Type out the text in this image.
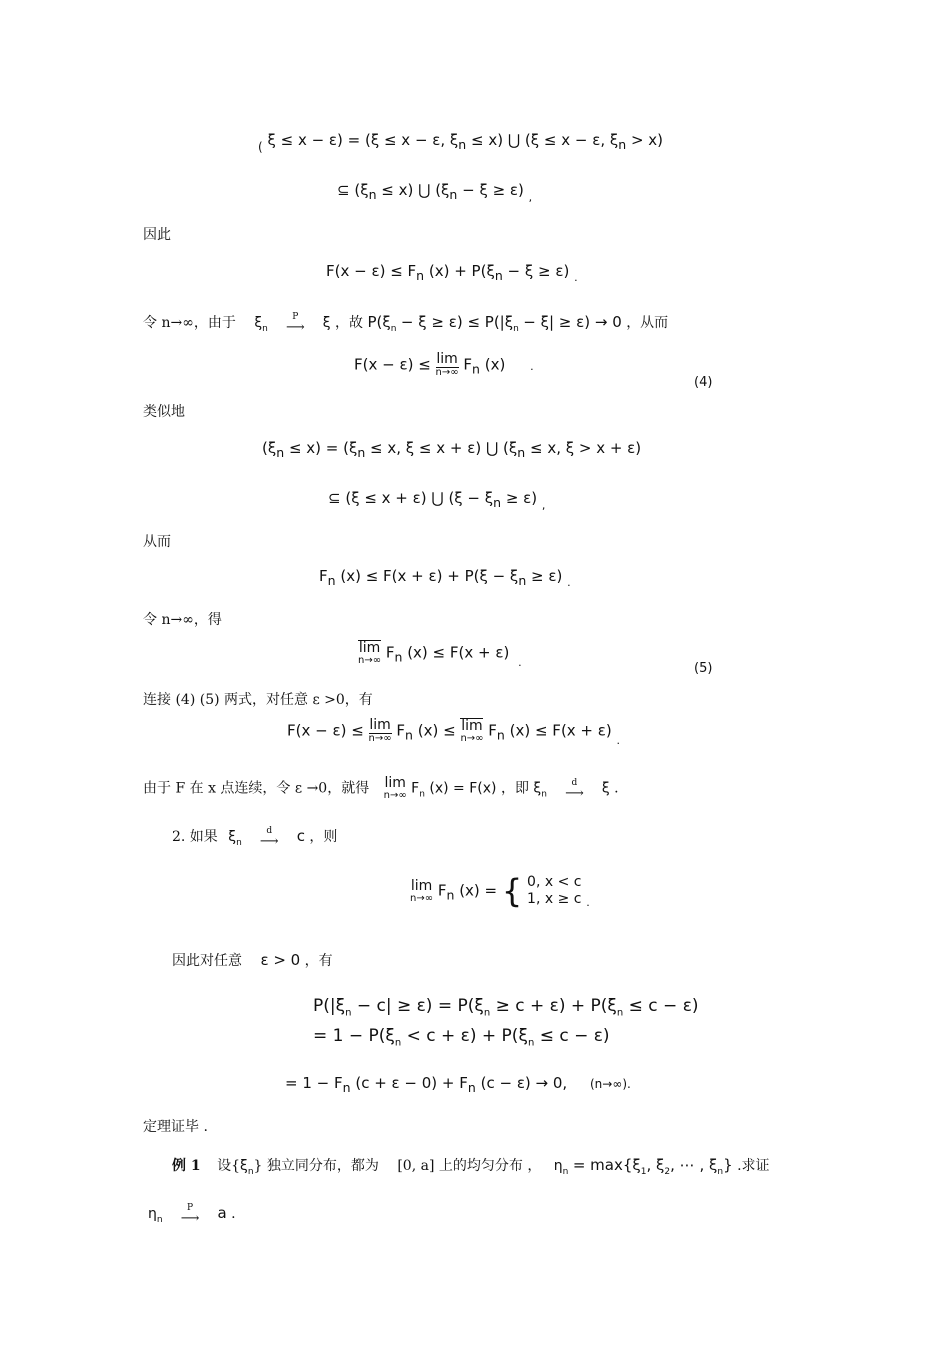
$_($ ξ ≤ x − ε) = (ξ ≤ x − ε, $\xi_n \le x$) ⋃ (ξ ≤ x − ε, $\xi_n > x$)
⊆ $(\xi_n \le x)$ ⋃ $(\xi_n - \xi \ge \varepsilon)$ $_,$
因此
$F(x - \varepsilon) \le F_n$ $(x) + P(\xi_n - \xi \ge \varepsilon)$ $_.$
令 n→∞，由于 $\xi_n$
P
⟶	ξ ，故 $P(\xi_n - \xi \ge \varepsilon) \le P(|\xi_n - \xi| \ge \varepsilon) \to 0$ ，从而
F(x − ε) ≤ lim
n→∞ $F_n$ (x) .
(4)
类似地
$(\xi_n \le x) = (\xi_n \le x$, ξ ≤ x + ε) ⋃ ($\xi_n \le x$, ξ > x + ε)
⊆ (ξ ≤ x + ε) ⋃ $(\xi - \xi_n \ge \varepsilon)$ $_,$
从而
$F_n$ $(x) \le F(x + \varepsilon) + P(\xi - \xi_n \ge \varepsilon)$ $_.$
令 n→∞，得
lim
n→∞ $F_n$ (x) ≤ F(x + ε) $_.$	(5)
连接 (4) (5) 两式，对任意 ε >0，有
F(x − ε) ≤ lim
n→∞ $F_n$ (x) ≤ lim
n→∞ $F_n$ (x) ≤ F(x + ε) $_.$
由于 F 在 x 点连续，令 ε →0，就得 lim
n→∞ $F_n$ (x) = F(x) ，即 $\xi_n$
d
⟶	ξ .
2. 如果 $\xi_n$
d
⟶	c ，则
lim
n→∞ $F_n$ (x) = { 0, x < c
1, x ≥ c $_.$
因此对任意 ε > 0 ，有
$P(|\xi_n - c| \ge \varepsilon) = P(\xi_n \ge c + \varepsilon) + P(\xi_n \le c - \varepsilon)$
= $1 - P(\xi_n < c + \varepsilon) + P(\xi_n \le c - \varepsilon)$
= $1 - F_n$ $(c + \varepsilon - 0) + F_n$ (c − ε) → 0, (n→∞).
定理证毕 .
例 1 设$\{\xi_n\}$ 独立同分布，都为 [0, a] 上的均匀分布 ， $\eta_n = \max\{\xi_1$, $\xi_2$, ⋯ , $\xi_n$} .求证
$\eta_n$
P
⟶	a .
